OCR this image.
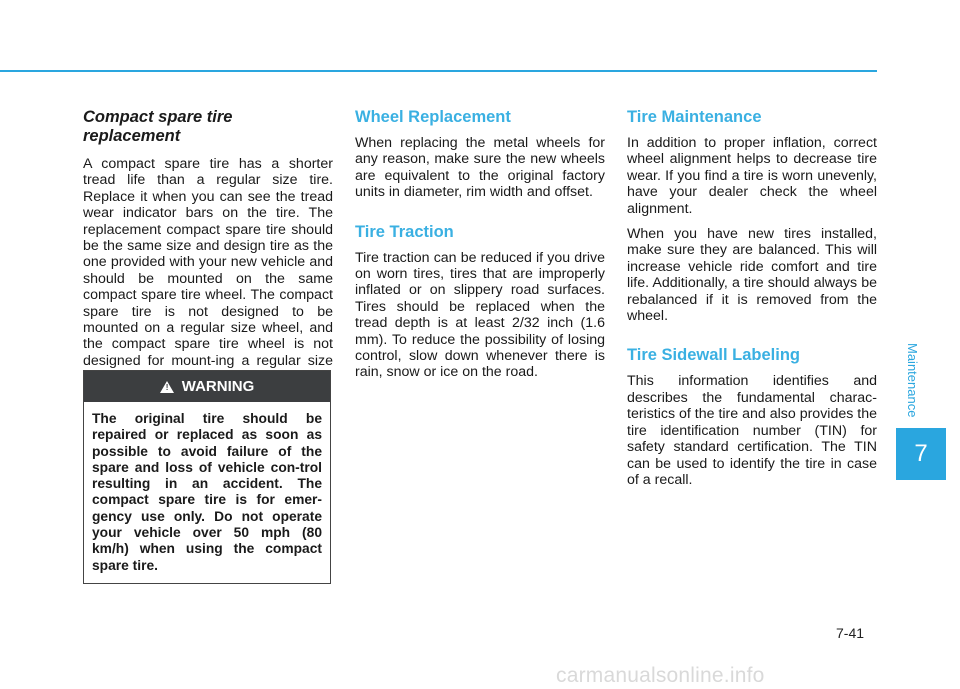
Compact spare tire replacement

A compact spare tire has a shorter tread life than a regular size tire. Replace it when you can see the tread wear indicator bars on the tire. The replacement compact spare tire should be the same size and design tire as the one provided with your new vehicle and should be mounted on the same compact spare tire wheel. The compact spare tire is not designed to be mounted on a regular size wheel, and the compact spare tire wheel is not designed for mount-ing a regular size

! WARNING
The original tire should be repaired or replaced as soon as possible to avoid failure of the spare and loss of vehicle con-trol resulting in an accident. The compact spare tire is for emer-gency use only. Do not operate your vehicle over 50 mph (80 km/h) when using the compact spare tire.
Wheel Replacement

When replacing the metal wheels for any reason, make sure the new wheels are equivalent to the original factory units in diameter, rim width and offset.

Tire Traction

Tire traction can be reduced if you drive on worn tires, tires that are improperly inflated or on slippery road surfaces. Tires should be replaced when the tread depth is at least 2/32 inch (1.6 mm). To reduce the possibility of losing control, slow down whenever there is rain, snow or ice on the road.

Tire Maintenance

In addition to proper inflation, correct wheel alignment helps to decrease tire wear. If you find a tire is worn unevenly, have your dealer check the wheel alignment.

When you have new tires installed, make sure they are balanced. This will increase vehicle ride comfort and tire life. Additionally, a tire should always be rebalanced if it is removed from the wheel.

Tire Sidewall Labeling

This information identifies and describes the fundamental charac-teristics of the tire and also provides the tire identification number (TIN) for safety standard certification. The TIN can be used to identify the tire in case of a recall.

Maintenance
7
7-41
carmanualsonline.info
